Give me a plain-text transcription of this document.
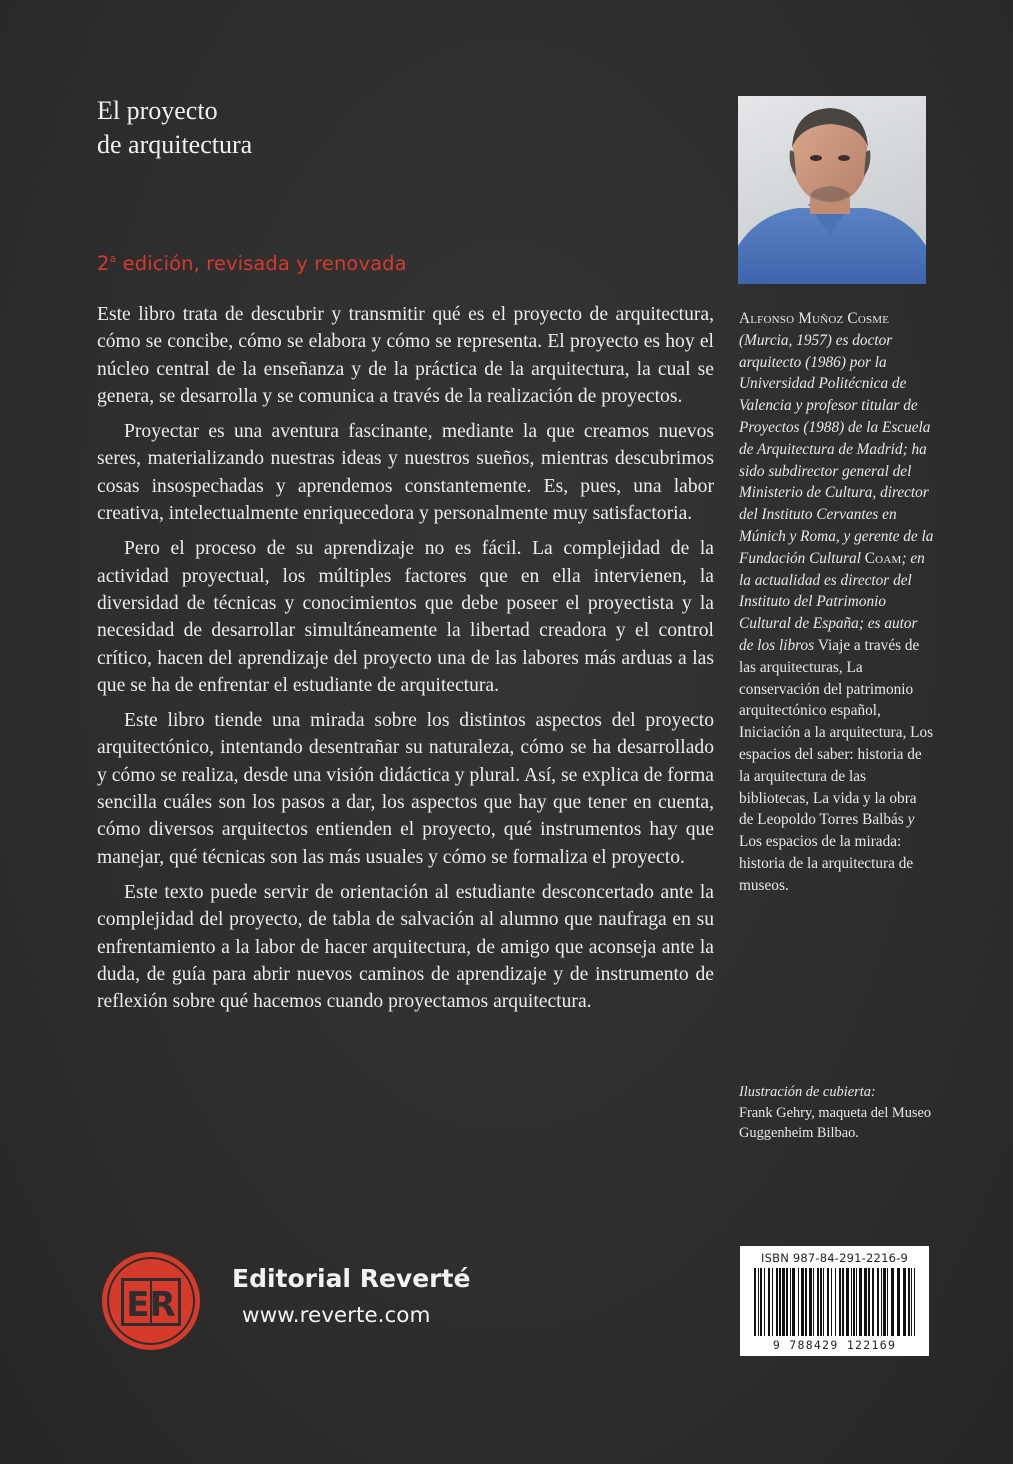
El proyecto
de arquitectura
2$^a$ edición, revisada y renovada

Este libro trata de descubrir y transmitir qué es el proyecto de arquitectura, cómo se concibe, cómo se elabora y cómo se representa. El proyecto es hoy el núcleo central de la enseñanza y de la práctica de la arquitectura, la cual se genera, se desarrolla y se comunica a través de la realización de proyectos.

Proyectar es una aventura fascinante, mediante la que creamos nuevos seres, materializando nuestras ideas y nuestros sueños, mientras descubrimos cosas insospechadas y aprendemos constantemente. Es, pues, una labor creativa, intelectualmente enriquecedora y personalmente muy satisfactoria.

Pero el proceso de su aprendizaje no es fácil. La complejidad de la actividad proyectual, los múltiples factores que en ella intervienen, la diversidad de técnicas y conocimientos que debe poseer el proyectista y la necesidad de desarrollar simultáneamente la libertad creadora y el control crítico, hacen del aprendizaje del proyecto una de las labores más arduas a las que se ha de enfrentar el estudiante de arquitectura.

Este libro tiende una mirada sobre los distintos aspectos del proyecto arquitectónico, intentando desentrañar su naturaleza, cómo se ha desarrollado y cómo se realiza, desde una visión didáctica y plural. Así, se explica de forma sencilla cuáles son los pasos a dar, los aspectos que hay que tener en cuenta, cómo diversos arquitectos entienden el proyecto, qué instrumentos hay que manejar, qué técnicas son las más usuales y cómo se formaliza el proyecto.

Este texto puede servir de orientación al estudiante desconcertado ante la complejidad del proyecto, de tabla de salvación al alumno que naufraga en su enfrentamiento a la labor de hacer arquitectura, de amigo que aconseja ante la duda, de guía para abrir nuevos caminos de aprendizaje y de instrumento de reflexión sobre qué hacemos cuando proyectamos arquitectura.

Alfonso Muñoz Cosme (Murcia, 1957) es doctor arquitecto (1986) por la Universidad Politécnica de Valencia y profesor titular de Proyectos (1988) de la Escuela de Arquitectura de Madrid; ha sido subdirector general del Ministerio de Cultura, director del Instituto Cervantes en Múnich y Roma, y gerente de la Fundación Cultural Coam; en la actualidad es director del Instituto del Patrimonio Cultural de España; es autor de los libros Viaje a través de las arquitecturas, La conservación del patrimonio arquitectónico español, Iniciación a la arquitectura, Los espacios del saber: historia de la arquitectura de las bibliotecas, La vida y la obra de Leopoldo Torres Balbás y Los espacios de la mirada: historia de la arquitectura de museos.
Ilustración de cubierta:
Frank Gehry, maqueta del Museo Guggenheim Bilbao.
ER
Editorial Reverté
www.reverte.com
ISBN 987-84-291-2216-9
9 788429 122169
